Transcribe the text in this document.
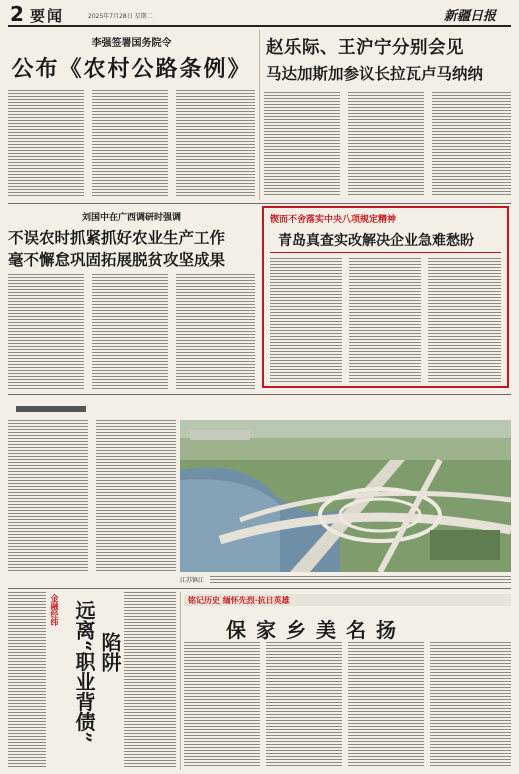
2 要闻	2025年7月28日 星期二	新疆日报
李强签署国务院令
公布《农村公路条例》
赵乐际、王沪宁分别会见
马达加斯加参议长拉瓦卢马纳纳
刘国中在广西调研时强调
不误农时抓紧抓好农业生产工作
毫不懈怠巩固拓展脱贫攻坚成果
锲而不舍落实中央八项规定精神
青岛真查实改解决企业急难愁盼
江苏镇江
金融经纬 远离“职业背债” 陷阱
铭记历史 缅怀先烈·抗日英雄
保家乡美名扬
